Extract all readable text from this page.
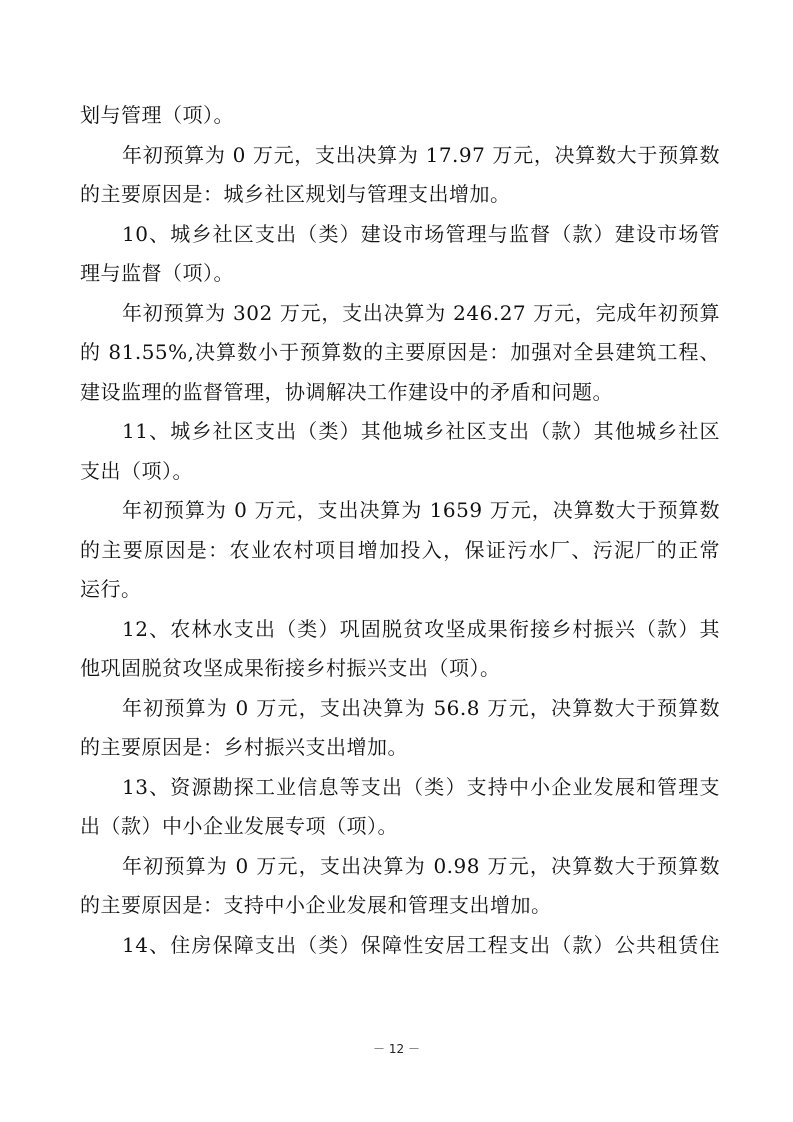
划与管理（项）。
年初预算为 0 万元，支出决算为 17.97 万元，决算数大于预算数
的主要原因是：城乡社区规划与管理支出增加。
10、城乡社区支出（类）建设市场管理与监督（款）建设市场管
理与监督（项）。
年初预算为 302 万元，支出决算为 246.27 万元，完成年初预算
的 81.55%,决算数小于预算数的主要原因是：加强对全县建筑工程、
建设监理的监督管理，协调解决工作建设中的矛盾和问题。
11、城乡社区支出（类）其他城乡社区支出（款）其他城乡社区
支出（项）。
年初预算为 0 万元，支出决算为 1659 万元，决算数大于预算数
的主要原因是：农业农村项目增加投入，保证污水厂、污泥厂的正常
运行。
12、农林水支出（类）巩固脱贫攻坚成果衔接乡村振兴（款）其
他巩固脱贫攻坚成果衔接乡村振兴支出（项）。
年初预算为 0 万元，支出决算为 56.8 万元，决算数大于预算数
的主要原因是：乡村振兴支出增加。
13、资源勘探工业信息等支出（类）支持中小企业发展和管理支
出（款）中小企业发展专项（项）。
年初预算为 0 万元，支出决算为 0.98 万元，决算数大于预算数
的主要原因是：支持中小企业发展和管理支出增加。
14、住房保障支出（类）保障性安居工程支出（款）公共租赁住
－ 12 －
